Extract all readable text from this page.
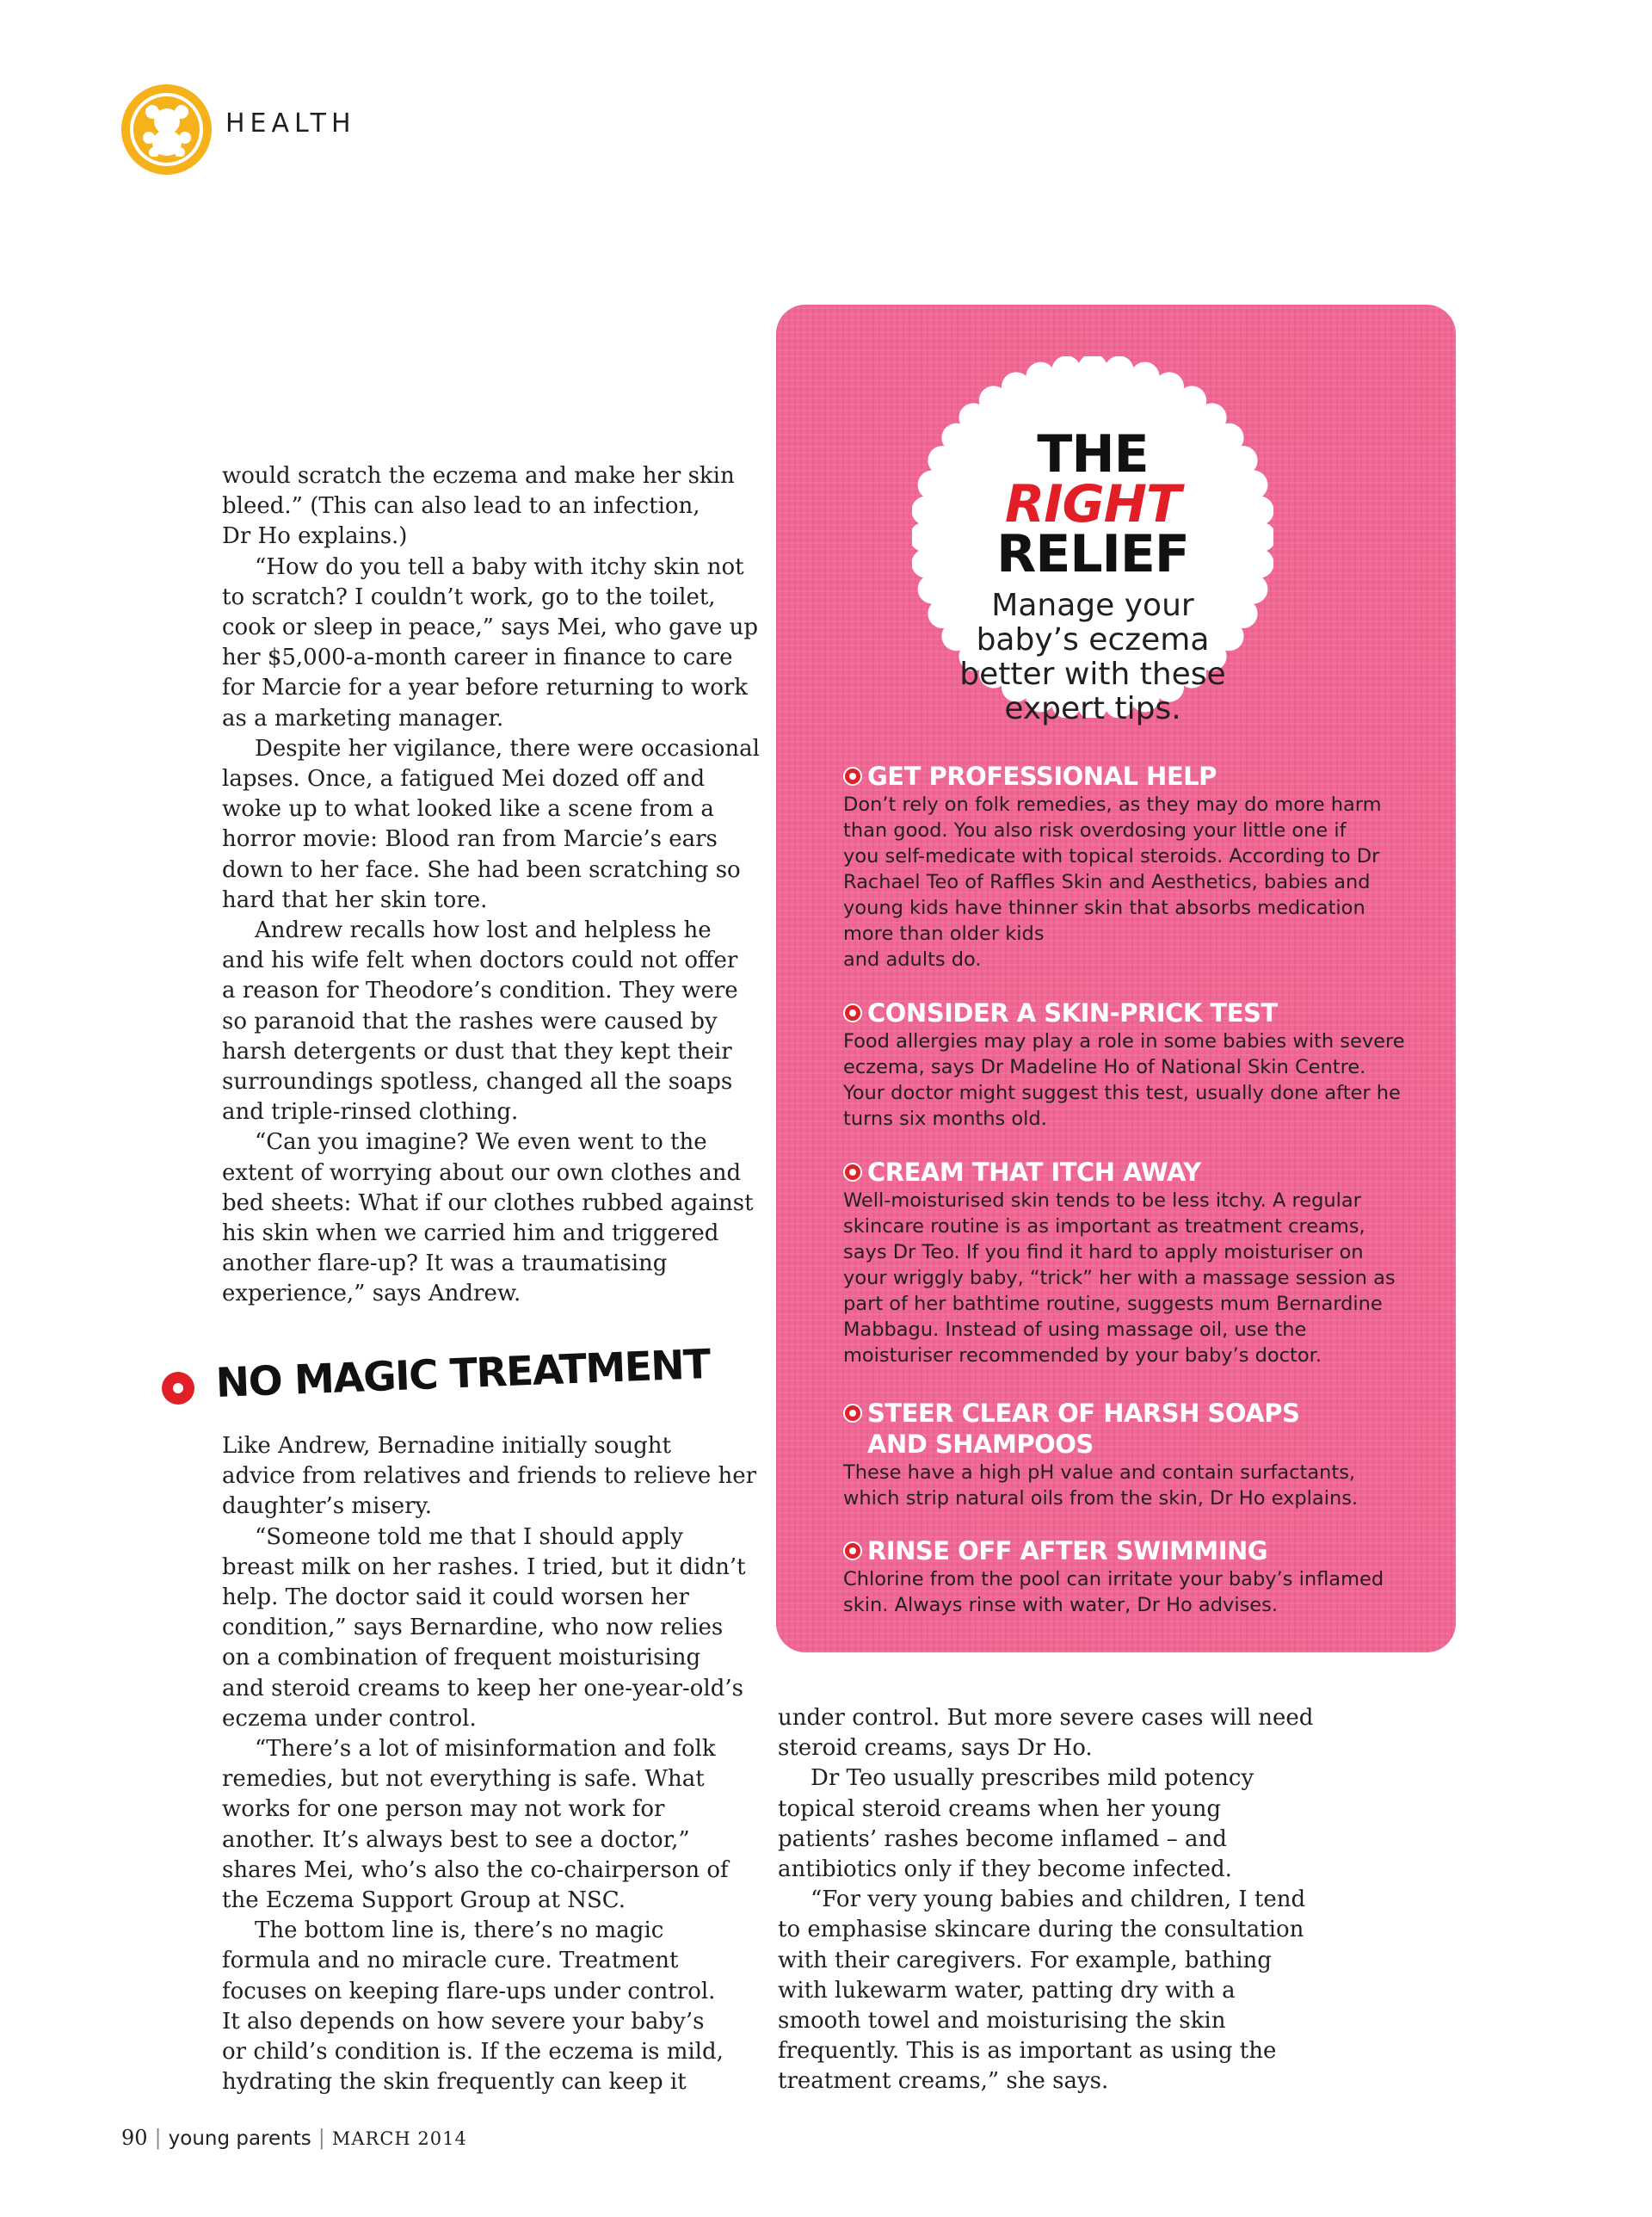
HEALTH

would scratch the eczema and make her skin

bleed.” (This can also lead to an infection,

Dr Ho explains.)

“How do you tell a baby with itchy skin not

to scratch? I couldn’t work, go to the toilet,

cook or sleep in peace,” says Mei, who gave up

her $5,000-a-month career in finance to care

for Marcie for a year before returning to work

as a marketing manager.

Despite her vigilance, there were occasional

lapses. Once, a fatigued Mei dozed off and

woke up to what looked like a scene from a

horror movie: Blood ran from Marcie’s ears

down to her face. She had been scratching so

hard that her skin tore.

Andrew recalls how lost and helpless he

and his wife felt when doctors could not offer

a reason for Theodore’s condition. They were

so paranoid that the rashes were caused by

harsh detergents or dust that they kept their

surroundings spotless, changed all the soaps

and triple-rinsed clothing.

“Can you imagine? We even went to the

extent of worrying about our own clothes and

bed sheets: What if our clothes rubbed against

his skin when we carried him and triggered

another flare-up? It was a traumatising

experience,” says Andrew.

NO MAGIC TREATMENT

Like Andrew, Bernadine initially sought

advice from relatives and friends to relieve her

daughter’s misery.

“Someone told me that I should apply

breast milk on her rashes. I tried, but it didn’t

help. The doctor said it could worsen her

condition,” says Bernardine, who now relies

on a combination of frequent moisturising

and steroid creams to keep her one-year-old’s

eczema under control.

“There’s a lot of misinformation and folk

remedies, but not everything is safe. What

works for one person may not work for

another. It’s always best to see a doctor,”

shares Mei, who’s also the co-chairperson of

the Eczema Support Group at NSC.

The bottom line is, there’s no magic

formula and no miracle cure. Treatment

focuses on keeping flare-ups under control.

It also depends on how severe your baby’s

or child’s condition is. If the eczema is mild,

hydrating the skin frequently can keep it

under control. But more severe cases will need

steroid creams, says Dr Ho.

Dr Teo usually prescribes mild potency

topical steroid creams when her young

patients’ rashes become inflamed – and

antibiotics only if they become infected.

“For very young babies and children, I tend

to emphasise skincare during the consultation

with their caregivers. For example, bathing

with lukewarm water, patting dry with a

smooth towel and moisturising the skin

frequently. This is as important as using the

treatment creams,” she says.

THE
RIGHT
RELIEF
Manage your
baby’s eczema
better with these
expert tips.
GET PROFESSIONAL HELP
Don’t rely on folk remedies, as they may do more harm
than good. You also risk overdosing your little one if
you self-medicate with topical steroids. According to Dr
Rachael Teo of Raffles Skin and Aesthetics, babies and
young kids have thinner skin that absorbs medication
more than older kids
and adults do.
CONSIDER A SKIN-PRICK TEST
Food allergies may play a role in some babies with severe
eczema, says Dr Madeline Ho of National Skin Centre.
Your doctor might suggest this test, usually done after he
turns six months old.
CREAM THAT ITCH AWAY
Well-moisturised skin tends to be less itchy. A regular
skincare routine is as important as treatment creams,
says Dr Teo. If you find it hard to apply moisturiser on
your wriggly baby, “trick” her with a massage session as
part of her bathtime routine, suggests mum Bernardine
Mabbagu. Instead of using massage oil, use the
moisturiser recommended by your baby’s doctor.
STEER CLEAR OF HARSH SOAPS
AND SHAMPOOS
These have a high pH value and contain surfactants,
which strip natural oils from the skin, Dr Ho explains.
RINSE OFF AFTER SWIMMING
Chlorine from the pool can irritate your baby’s inflamed
skin. Always rinse with water, Dr Ho advises.
90 | young parents | MARCH 2014
